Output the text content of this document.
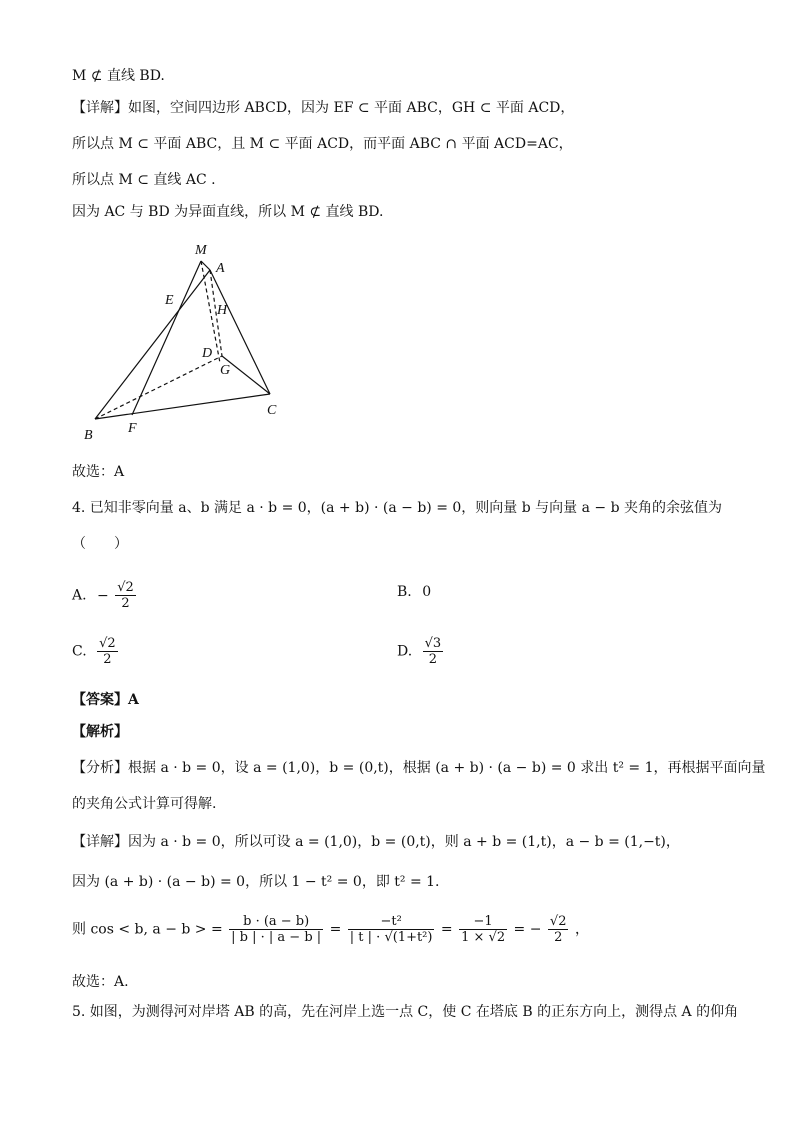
M ⊄ 直线 BD.
【详解】如图，空间四边形 ABCD，因为 EF ⊂ 平面 ABC，GH ⊂ 平面 ACD，
所以点 M ⊂ 平面 ABC，且 M ⊂ 平面 ACD，而平面 ABC ∩ 平面 ACD=AC，
所以点 M ⊂ 直线 AC .
因为 AC 与 BD 为异面直线，所以 M ⊄ 直线 BD.
M
A
E
H
D
G
B	F
C
故选：A
4. 已知非零向量 a、b 满足 a · b = 0，(a + b) · (a − b) = 0，则向量 b 与向量 a − b 夹角的余弦值为
（　　）
A. − $\frac{√2}{2}$	B. 0
C. $\frac{√2}{2}$	D. $\frac{√3}{2}$
【答案】A
【解析】
【分析】根据 a · b = 0，设 a = (1,0)，b = (0,t)，根据 (a + b) · (a − b) = 0 求出 t² = 1，再根据平面向量
的夹角公式计算可得解.
【详解】因为 a · b = 0，所以可设 a = (1,0)，b = (0,t)，则 a + b = (1,t)，a − b = (1,−t)，
因为 (a + b) · (a − b) = 0，所以 1 − t² = 0，即 t² = 1.
则 cos < b, a − b > = $\frac{b \cdot (a - b)}{| b | \cdot | a - b |} = \frac{\text{−t²}}{\text{| t | · √(1+t²)}} = \frac{-1}{1 \times √2}$ = − $\frac{√2}{2}$ ，
故选：A.
5. 如图，为测得河对岸塔 AB 的高，先在河岸上选一点 C，使 C 在塔底 B 的正东方向上，测得点 A 的仰角
